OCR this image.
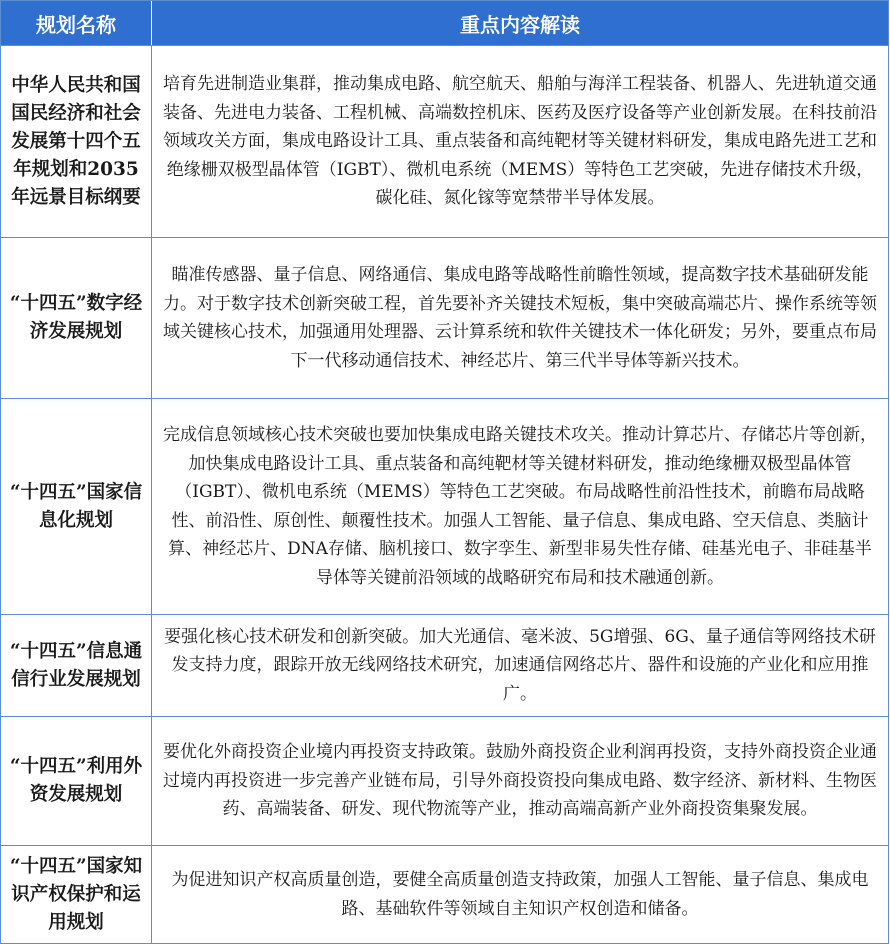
规划名称	重点内容解读
中华人民共和国国民经济和社会发展第十四个五年规划和2035年远景目标纲要
培育先进制造业集群，推动集成电路、航空航天、船舶与海洋工程装备、机器人、先进轨道交通装备、先进电力装备、工程机械、高端数控机床、医药及医疗设备等产业创新发展。在科技前沿领域攻关方面，集成电路设计工具、重点装备和高纯靶材等关键材料研发，集成电路先进工艺和绝缘栅双极型晶体管（IGBT）、微机电系统（MEMS）等特色工艺突破，先进存储技术升级，碳化硅、氮化镓等宽禁带半导体发展。
“十四五”数字经济发展规划
瞄准传感器、量子信息、网络通信、集成电路等战略性前瞻性领域，提高数字技术基础研发能力。对于数字技术创新突破工程，首先要补齐关键技术短板，集中突破高端芯片、操作系统等领域关键核心技术，加强通用处理器、云计算系统和软件关键技术一体化研发；另外，要重点布局下一代移动通信技术、神经芯片、第三代半导体等新兴技术。
“十四五”国家信息化规划
完成信息领域核心技术突破也要加快集成电路关键技术攻关。推动计算芯片、存储芯片等创新，加快集成电路设计工具、重点装备和高纯靶材等关键材料研发，推动绝缘栅双极型晶体管（IGBT）、微机电系统（MEMS）等特色工艺突破。布局战略性前沿性技术，前瞻布局战略性、前沿性、原创性、颠覆性技术。加强人工智能、量子信息、集成电路、空天信息、类脑计算、神经芯片、DNA存储、脑机接口、数字孪生、新型非易失性存储、硅基光电子、非硅基半导体等关键前沿领域的战略研究布局和技术融通创新。
“十四五”信息通信行业发展规划
要强化核心技术研发和创新突破。加大光通信、毫米波、5G增强、6G、量子通信等网络技术研发支持力度，跟踪开放无线网络技术研究，加速通信网络芯片、器件和设施的产业化和应用推广。
“十四五”利用外资发展规划
要优化外商投资企业境内再投资支持政策。鼓励外商投资企业利润再投资，支持外商投资企业通过境内再投资进一步完善产业链布局，引导外商投资投向集成电路、数字经济、新材料、生物医药、高端装备、研发、现代物流等产业，推动高端高新产业外商投资集聚发展。
“十四五”国家知识产权保护和运用规划
为促进知识产权高质量创造，要健全高质量创造支持政策，加强人工智能、量子信息、集成电路、基础软件等领域自主知识产权创造和储备。
